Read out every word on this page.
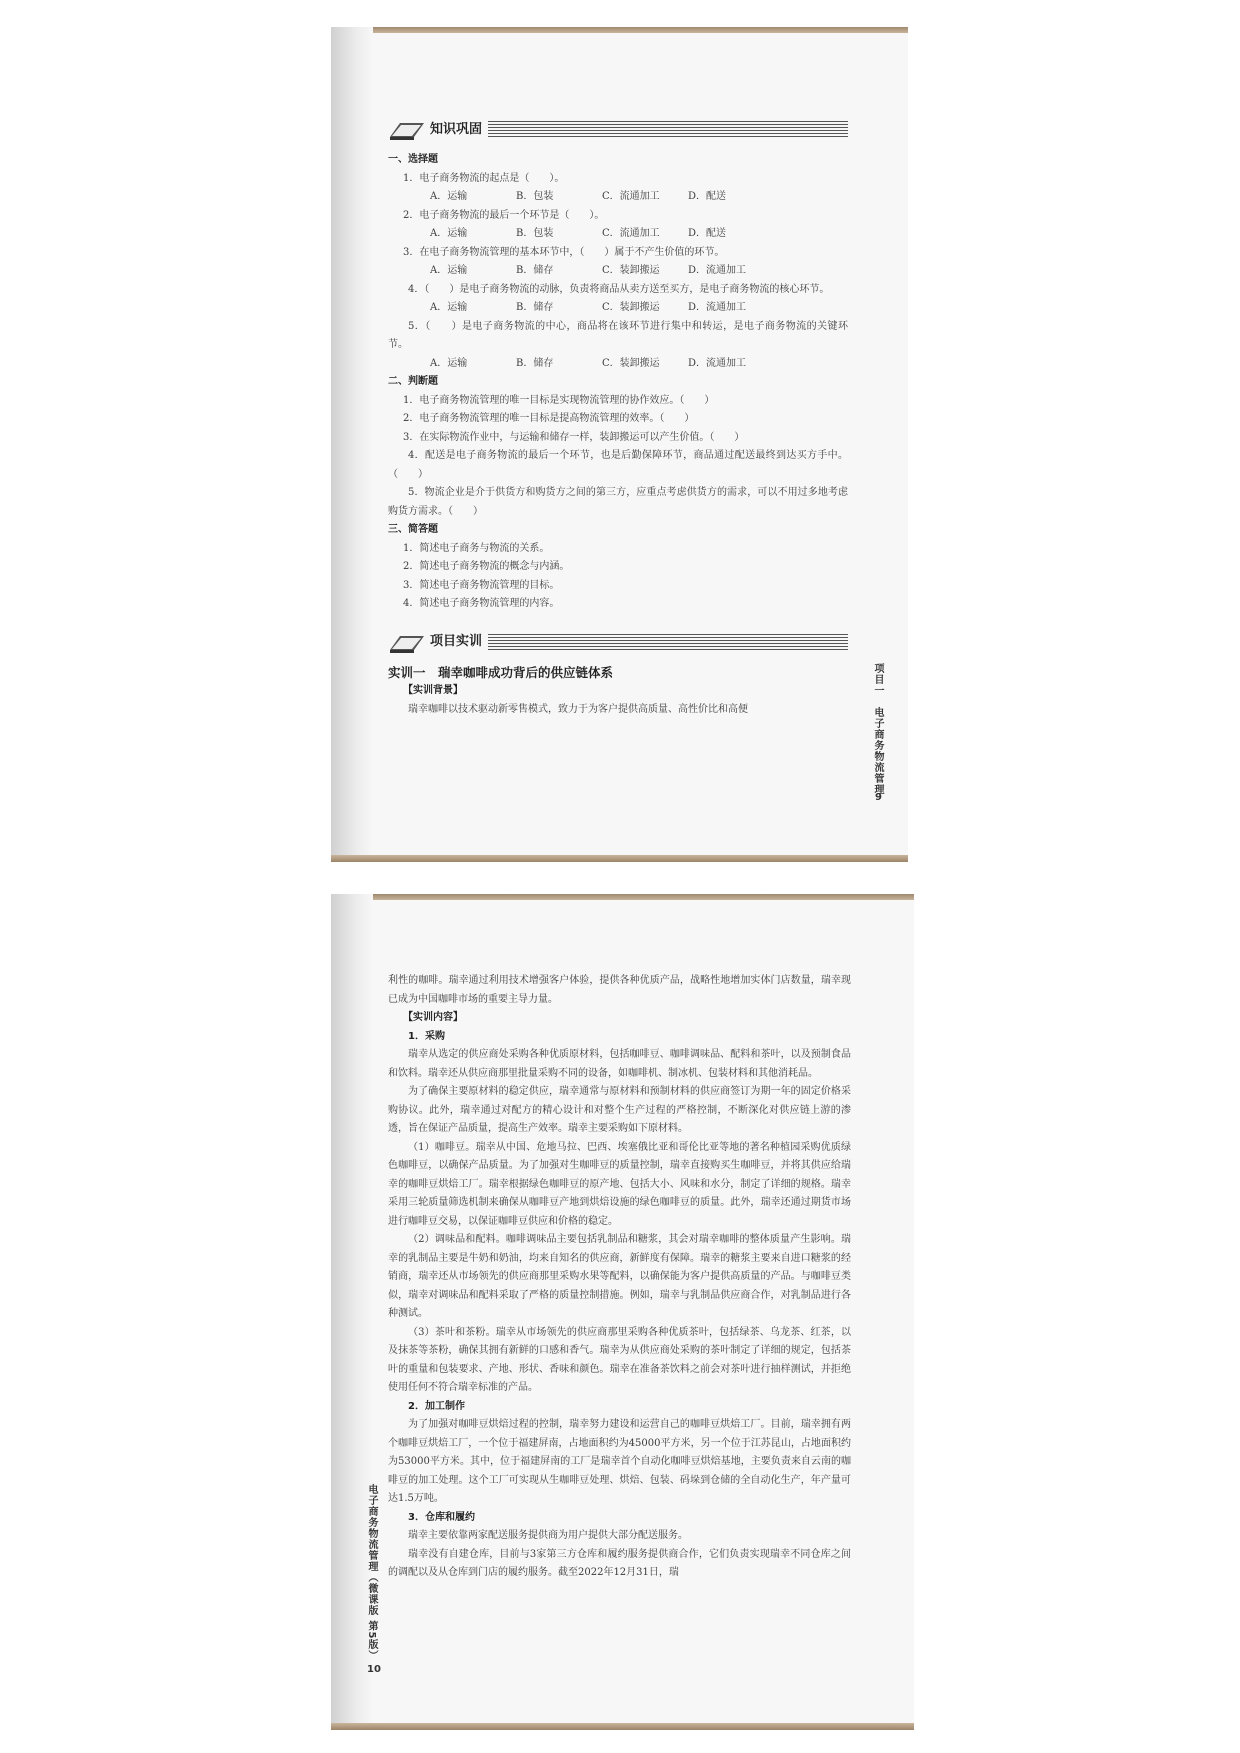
知识巩固

一、选择题

1．电子商务物流的起点是（　　）。

A．运输	B．包装	C．流通加工	D．配送

2．电子商务物流的最后一个环节是（　　）。

A．运输	B．包装	C．流通加工	D．配送

3．在电子商务物流管理的基本环节中，（　　）属于不产生价值的环节。

A．运输	B．储存	C．装卸搬运	D．流通加工

4．（　　）是电子商务物流的动脉，负责将商品从卖方送至买方，是电子商务物流的核心环节。

A．运输	B．储存	C．装卸搬运	D．流通加工

5．（　　）是电子商务物流的中心，商品将在该环节进行集中和转运，是电子商务物流的关键环节。

A．运输	B．储存	C．装卸搬运	D．流通加工

二、判断题

1．电子商务物流管理的唯一目标是实现物流管理的协作效应。（　　）

2．电子商务物流管理的唯一目标是提高物流管理的效率。（　　）

3．在实际物流作业中，与运输和储存一样，装卸搬运可以产生价值。（　　）

4．配送是电子商务物流的最后一个环节，也是后勤保障环节，商品通过配送最终到达买方手中。（　　）

5．物流企业是介于供货方和购货方之间的第三方，应重点考虑供货方的需求，可以不用过多地考虑购货方需求。（　　）

三、简答题

1．简述电子商务与物流的关系。

2．简述电子商务物流的概念与内涵。

3．简述电子商务物流管理的目标。

4．简述电子商务物流管理的内容。

项目实训

实训一　瑞幸咖啡成功背后的供应链体系

【实训背景】

瑞幸咖啡以技术驱动新零售模式，致力于为客户提供高质量、高性价比和高便	项目一　电子商务物流管理
9

利性的咖啡。瑞幸通过利用技术增强客户体验，提供各种优质产品，战略性地增加实体门店数量，瑞幸现已成为中国咖啡市场的重要主导力量。

【实训内容】

1．采购

瑞幸从选定的供应商处采购各种优质原材料，包括咖啡豆、咖啡调味品、配料和茶叶，以及预制食品和饮料。瑞幸还从供应商那里批量采购不同的设备，如咖啡机、制冰机、包装材料和其他消耗品。

为了确保主要原材料的稳定供应，瑞幸通常与原材料和预制材料的供应商签订为期一年的固定价格采购协议。此外，瑞幸通过对配方的精心设计和对整个生产过程的严格控制，不断深化对供应链上游的渗透，旨在保证产品质量，提高生产效率。瑞幸主要采购如下原材料。

（1）咖啡豆。瑞幸从中国、危地马拉、巴西、埃塞俄比亚和哥伦比亚等地的著名种植园采购优质绿色咖啡豆，以确保产品质量。为了加强对生咖啡豆的质量控制，瑞幸直接购买生咖啡豆，并将其供应给瑞幸的咖啡豆烘焙工厂。瑞幸根据绿色咖啡豆的原产地、包括大小、风味和水分，制定了详细的规格。瑞幸采用三轮质量筛选机制来确保从咖啡豆产地到烘焙设施的绿色咖啡豆的质量。此外，瑞幸还通过期货市场进行咖啡豆交易，以保证咖啡豆供应和价格的稳定。

（2）调味品和配料。咖啡调味品主要包括乳制品和糖浆，其会对瑞幸咖啡的整体质量产生影响。瑞幸的乳制品主要是牛奶和奶油，均来自知名的供应商，新鲜度有保障。瑞幸的糖浆主要来自进口糖浆的经销商，瑞幸还从市场领先的供应商那里采购水果等配料，以确保能为客户提供高质量的产品。与咖啡豆类似，瑞幸对调味品和配料采取了严格的质量控制措施。例如，瑞幸与乳制品供应商合作，对乳制品进行各种测试。

（3）茶叶和茶粉。瑞幸从市场领先的供应商那里采购各种优质茶叶，包括绿茶、乌龙茶、红茶，以及抹茶等茶粉，确保其拥有新鲜的口感和香气。瑞幸为从供应商处采购的茶叶制定了详细的规定，包括茶叶的重量和包装要求、产地、形状、香味和颜色。瑞幸在准备茶饮料之前会对茶叶进行抽样测试，并拒绝使用任何不符合瑞幸标准的产品。

2．加工制作

为了加强对咖啡豆烘焙过程的控制，瑞幸努力建设和运营自己的咖啡豆烘焙工厂。目前，瑞幸拥有两个咖啡豆烘焙工厂，一个位于福建屏南，占地面积约为45000平方米，另一个位于江苏昆山，占地面积约为53000平方米。其中，位于福建屏南的工厂是瑞幸首个自动化咖啡豆烘焙基地，主要负责来自云南的咖啡豆的加工处理。这个工厂可实现从生咖啡豆处理、烘焙、包装、码垛到仓储的全自动化生产，年产量可达1.5万吨。

3．仓库和履约

瑞幸主要依靠两家配送服务提供商为用户提供大部分配送服务。

瑞幸没有自建仓库，目前与3家第三方仓库和履约服务提供商合作，它们负责实现瑞幸不同仓库之间的调配以及从仓库到门店的履约服务。截至2022年12月31日，瑞

电子商务物流管理（微课版 第5版）
10
